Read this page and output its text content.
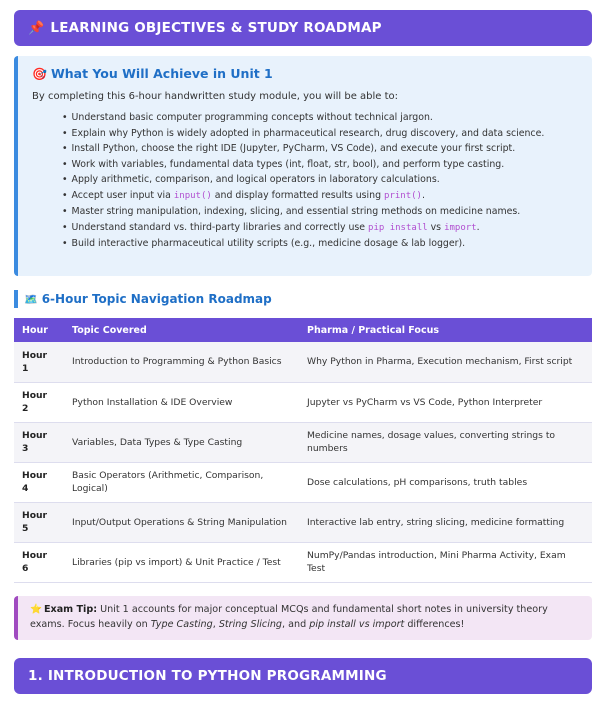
📌 LEARNING OBJECTIVES & STUDY ROADMAP
🎯 What You Will Achieve in Unit 1

By completing this 6-hour handwritten study module, you will be able to:

• Understand basic computer programming concepts without technical jargon.
• Explain why Python is widely adopted in pharmaceutical research, drug discovery, and data science.
• Install Python, choose the right IDE (Jupyter, PyCharm, VS Code), and execute your first script.
• Work with variables, fundamental data types (int, float, str, bool), and perform type casting.
• Apply arithmetic, comparison, and logical operators in laboratory calculations.
• Accept user input via input() and display formatted results using print().
• Master string manipulation, indexing, slicing, and essential string methods on medicine names.
• Understand standard vs. third-party libraries and correctly use pip install vs import.
• Build interactive pharmaceutical utility scripts (e.g., medicine dosage & lab logger).
🗺️ 6-Hour Topic Navigation Roadmap
Hour	Topic Covered	Pharma / Practical Focus
Hour 1	Introduction to Programming & Python Basics	Why Python in Pharma, Execution mechanism, First script
Hour 2	Python Installation & IDE Overview	Jupyter vs PyCharm vs VS Code, Python Interpreter
Hour 3	Variables, Data Types & Type Casting	Medicine names, dosage values, converting strings to numbers
Hour 4	Basic Operators (Arithmetic, Comparison, Logical)	Dose calculations, pH comparisons, truth tables
Hour 5	Input/Output Operations & String Manipulation	Interactive lab entry, string slicing, medicine formatting
Hour 6	Libraries (pip vs import) & Unit Practice / Test	NumPy/Pandas introduction, Mini Pharma Activity, Exam Test
⭐ Exam Tip: Unit 1 accounts for major conceptual MCQs and fundamental short notes in university theory exams. Focus heavily on Type Casting, String Slicing, and pip install vs import differences!
1. INTRODUCTION TO PYTHON PROGRAMMING
